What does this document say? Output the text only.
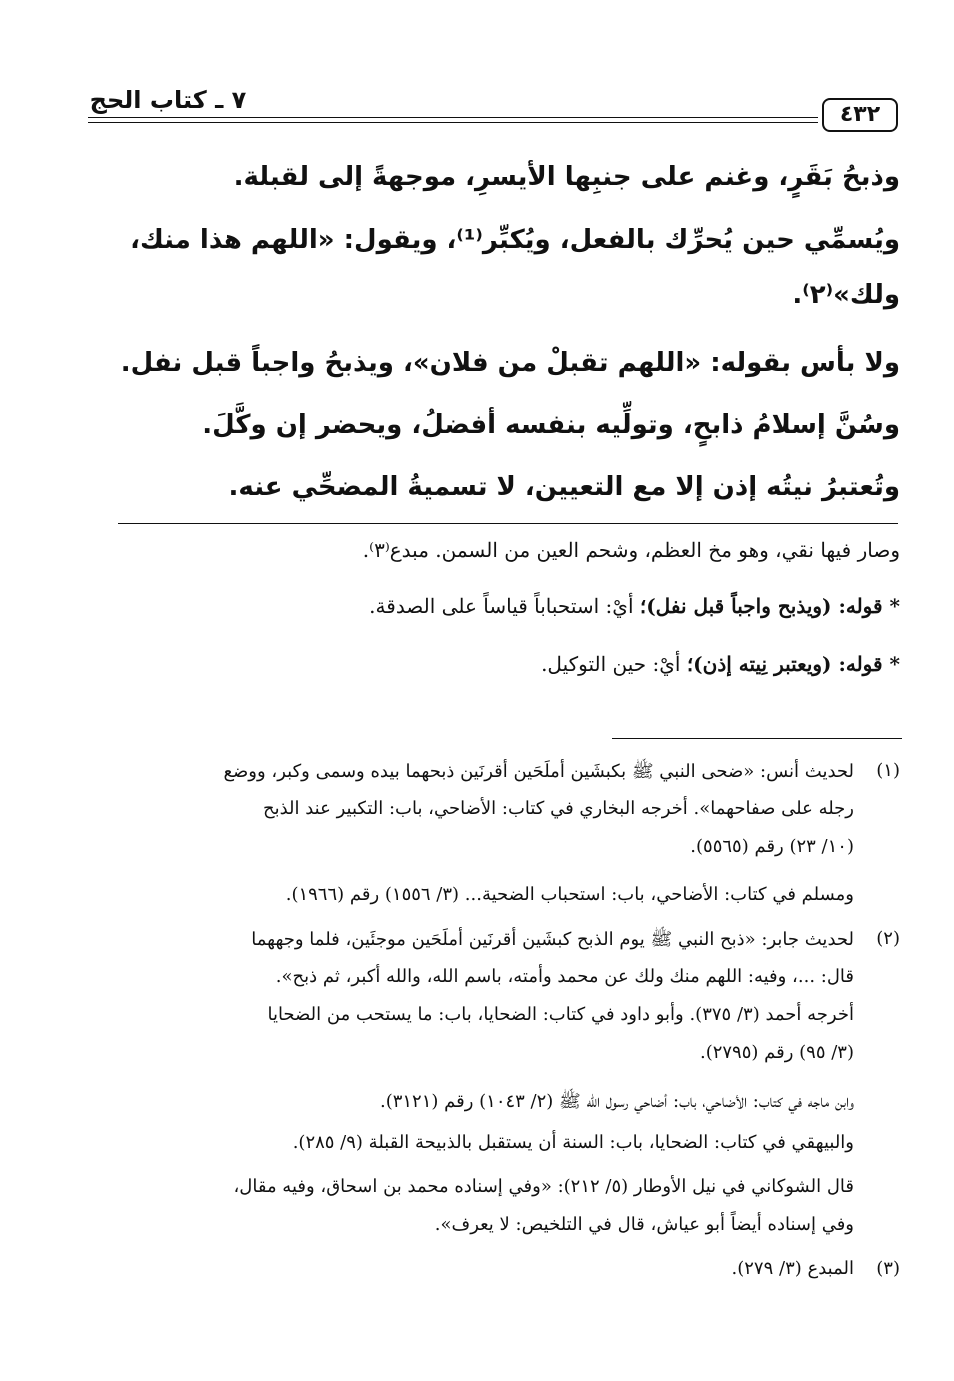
٧ ـ كتاب الحج
٤٣٢
وذبحُ بَقَرٍ، وغنم على جنبِها الأيسرِ، موجهةً إلى لقبلة.
ويُسمِّي حين يُحرِّك بالفعل، ويُكبِّر⁽¹⁾، ويقول: «اللهم هذا منك،
ولك»⁽٢⁾.
ولا بأس بقوله: «اللهم تقبلْ من فلان»، ويذبحُ واجباً قبل نفل.
وسُنَّ إسلامُ ذابحٍ، وتولِّيه بنفسه أفضلُ، ويحضر إن وكَّلَ.
وتُعتبرُ نيتُه إذن إلا مع التعيين، لا تسميةُ المضحِّي عنه.
وصار فيها نقي، وهو مخ العظم، وشحم العين من السمن. مبدع⁽٣⁾.
* قوله: (ويذبح واجباً قبل نفل)؛ أيْ: استحباباً قياساً على الصدقة.
* قوله: (ويعتبر نِيته إذن)؛ أيْ: حين التوكيل.
(١)
لحديث أنس: «ضحى النبي ﷺ بكبشَين أملَحَين أقرنَين ذبحهما بيده وسمى وكبر، ووضع
رجله على صفاحهما». أخرجه البخاري في كتاب: الأضاحي، باب: التكبير عند الذبح
(١٠/ ٢٣) رقم (٥٥٦٥).
ومسلم في كتاب: الأضاحي، باب: استحباب الضحية... (٣/ ١٥٥٦) رقم (١٩٦٦).
(٢)
لحديث جابر: «ذبح النبي ﷺ يوم الذبح كبشَين أقرنَين أملَحَين موجئَين، فلما وجههما
قال: ...، وفيه: اللهم منك ولك عن محمد وأمته، باسم الله، والله أكبر، ثم ذبح».
أخرجه أحمد (٣/ ٣٧٥). وأبو داود في كتاب: الضحايا، باب: ما يستحب من الضحايا
(٣/ ٩٥) رقم (٢٧٩٥).
وابن ماجه في كتاب: الأضاحي، باب: أضاحي رسول الله ﷺ (٢/ ١٠٤٣) رقم (٣١٢١).
والبيهقي في كتاب: الضحايا، باب: السنة أن يستقبل بالذبيحة القبلة (٩/ ٢٨٥).
قال الشوكاني في نيل الأوطار (٥/ ٢١٢): «وفي إسناده محمد بن اسحاق، وفيه مقال،
وفي إسناده أيضاً أبو عياش، قال في التلخيص: لا يعرف».
(٣)
المبدع (٣/ ٢٧٩).
